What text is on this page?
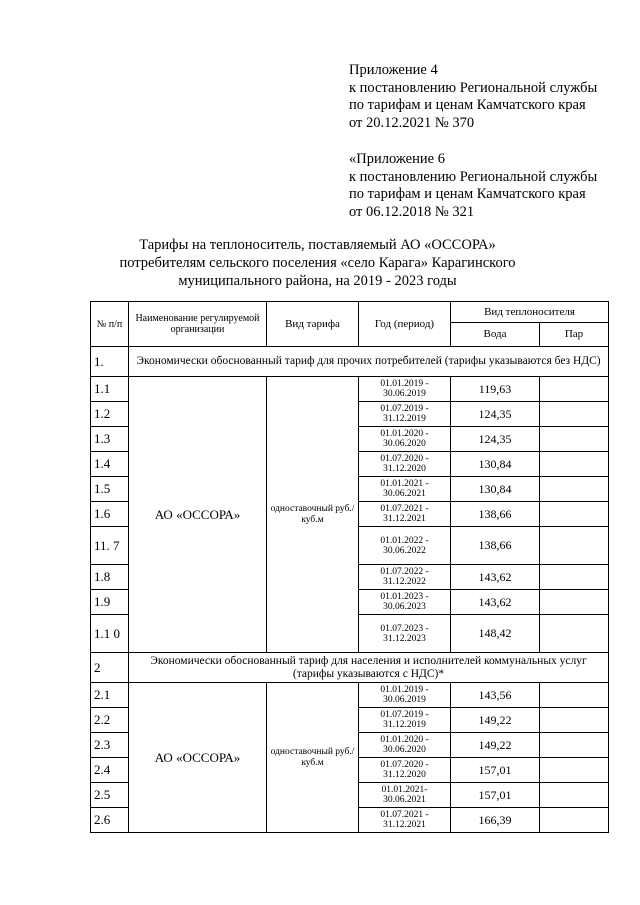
Приложение 4
к постановлению Региональной службы
по тарифам и ценам Камчатского края
от 20.12.2021 № 370
«Приложение 6
к постановлению Региональной службы
по тарифам и ценам Камчатского края
от 06.12.2018 № 321
Тарифы на теплоноситель, поставляемый АО «ОССОРА» потребителям сельского поселения «село Карага» Карагинского муниципального района, на 2019 - 2023 годы
№ п/п	Наименование регулируемой организации	Вид тарифа	Год (период)	Вид теплоносителя	
				Вода	Пар
1.	Экономически обоснованный тариф для прочих потребителей (тарифы указываются без НДС)				
1.1	АО «ОССОРА»	одноставочный руб./куб.м	01.01.2019 - 30.06.2019	119,63	
1.2			01.07.2019 - 31.12.2019	124,35	
1.3			01.01.2020 - 30.06.2020	124,35	
1.4			01.07.2020 - 31.12.2020	130,84	
1.5			01.01.2021 - 30.06.2021	130,84	
1.6			01.07.2021 - 31.12.2021	138,66	
11. 7			01.01.2022 - 30.06.2022	138,66	
1.8			01.07.2022 - 31.12.2022	143,62	
1.9			01.01.2023 - 30.06.2023	143,62	
1.1 0			01.07.2023 - 31.12.2023	148,42	
2	Экономически обоснованный тариф для населения и исполнителей коммунальных услуг (тарифы указываются с НДС)*				
2.1	АО «ОССОРА»	одноставочный руб./куб.м	01.01.2019 - 30.06.2019	143,56	
2.2			01.07.2019 - 31.12.2019	149,22	
2.3			01.01.2020 - 30.06.2020	149,22	
2.4			01.07.2020 - 31.12.2020	157,01	
2.5			01.01.2021- 30.06.2021	157,01	
2.6			01.07.2021 - 31.12.2021	166,39	
